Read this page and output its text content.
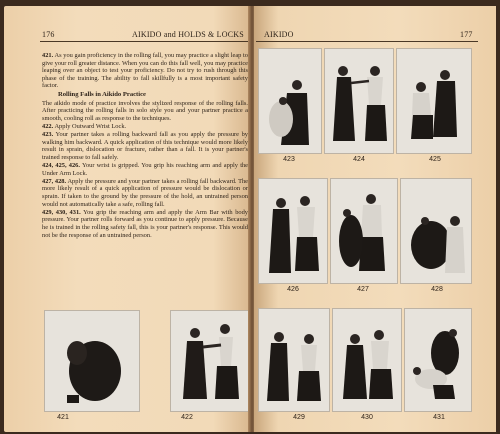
176	AIKIDO and HOLDS & LOCKS

421. As you gain proficiency in the rolling fall, you may practice a slight leap to give your roll greater distance. When you can do this fall well, you may practice leaping over an object to test your proficiency. Do not try to rush through this phase of the training. The ability to fall skillfully is a most important safety factor.

Rolling Falls in Aikido Practice

The aikido mode of practice involves the stylized response of the rolling falls. After practicing the rolling falls in solo style you and your partner practice a smooth, cooling roll as response to the techniques.

422. Apply Outward Wrist Lock.

423. Your partner takes a rolling backward fall as you apply the pressure by walking him backward. A quick application of this technique would more likely result in sprain, dislocation or fracture, rather than a fall. It is your partner's trained response to fall safely.

424, 425, 426. Your wrist is gripped. You grip his reaching arm and apply the Under Arm Lock.

427, 428. Apply the pressure and your partner takes a rolling fall backward. The more likely result of a quick application of pressure would be dislocation or sprain. If taken to the ground by the pressure of the hold, an untrained person would not automatically take a safe, rolling fall.

429, 430, 431. You grip the reaching arm and apply the Arm Bar with body pressure. Your partner rolls forward as you continue to apply pressure. Because he is trained in the rolling safety fall, this is your partner's response. This would not be the response of an untrained person.

421	422
AIKIDO	177
423	424	425
426	427	428
429	430	431
